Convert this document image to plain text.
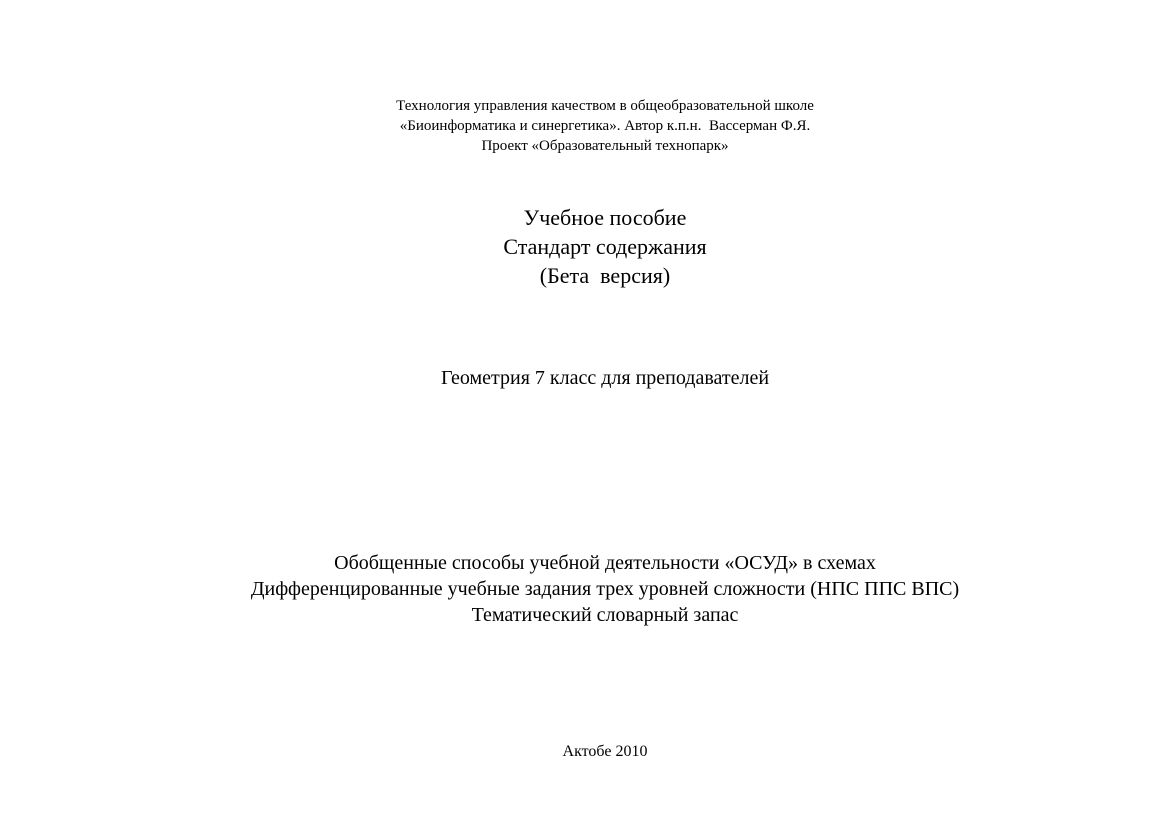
Технология управления качеством в общеобразовательной школе
«Биоинформатика и синергетика». Автор к.п.н.  Вассерман Ф.Я.
Проект «Образовательный технопарк»
Учебное пособие
Стандарт содержания
(Бета  версия)
Геометрия 7 класс для преподавателей
Обобщенные способы учебной деятельности «ОСУД» в схемах
Дифференцированные учебные задания трех уровней сложности (НПС ППС ВПС)
Тематический словарный запас
Актобе 2010
